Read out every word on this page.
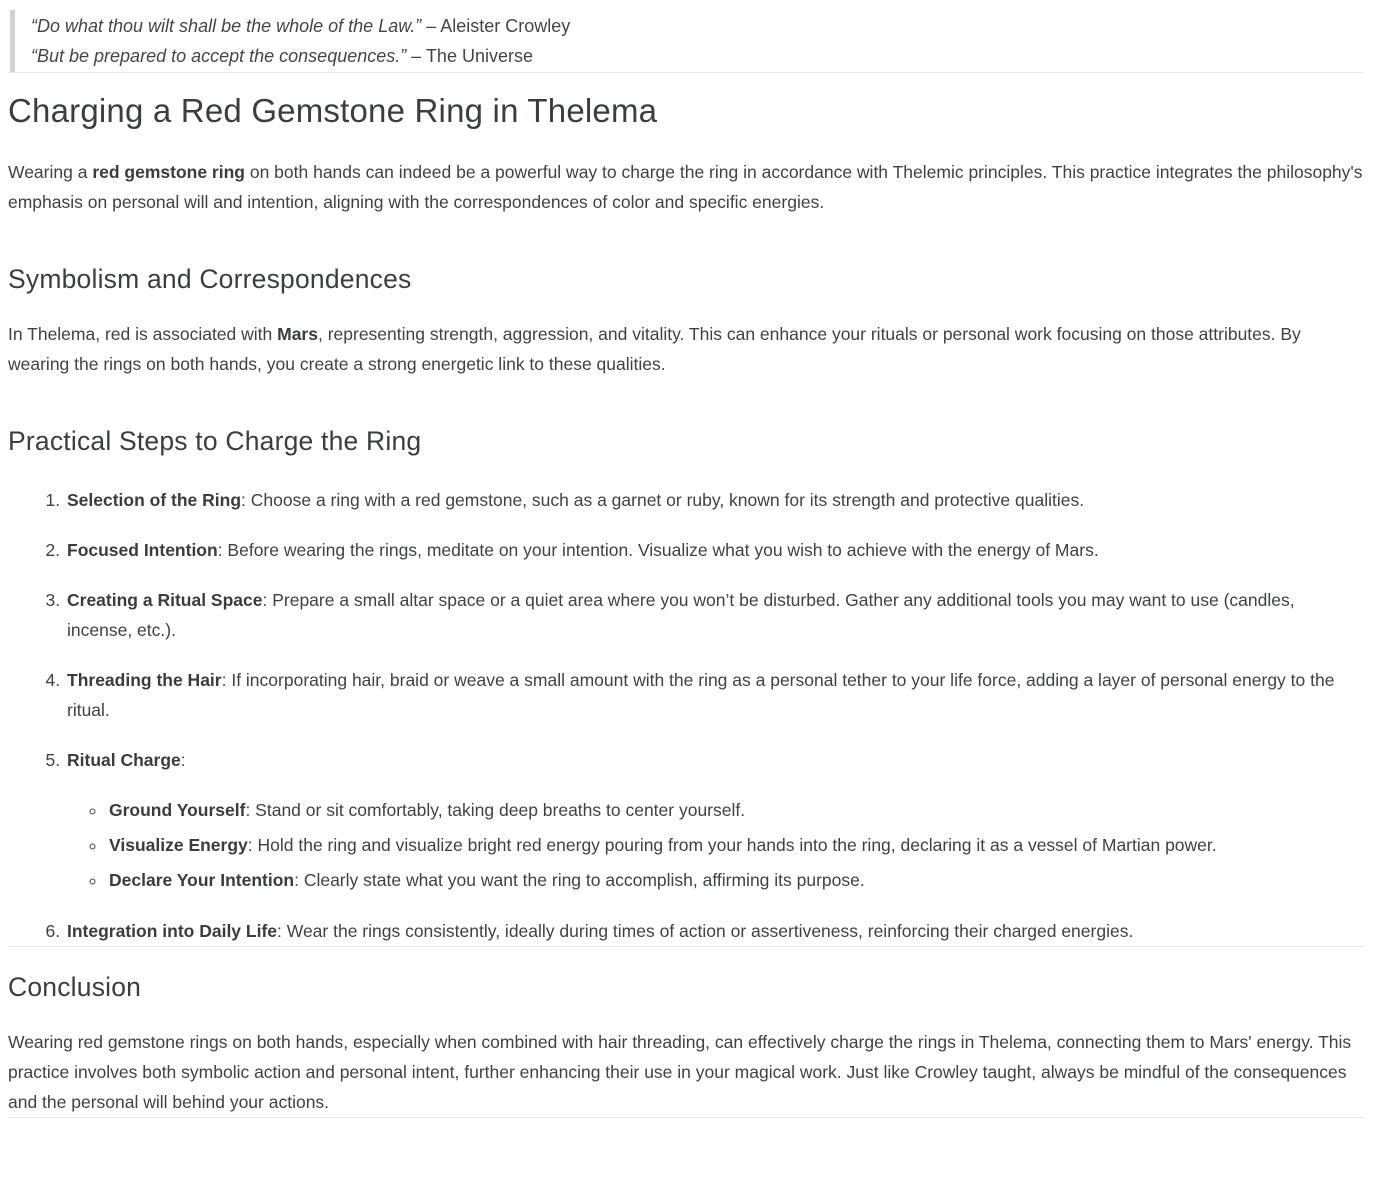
“Do what thou wilt shall be the whole of the Law.” – Aleister Crowley
“But be prepared to accept the consequences.” – The Universe
Charging a Red Gemstone Ring in Thelema

Wearing a red gemstone ring on both hands can indeed be a powerful way to charge the ring in accordance with Thelemic principles. This practice integrates the philosophy's emphasis on personal will and intention, aligning with the correspondences of color and specific energies.

Symbolism and Correspondences

In Thelema, red is associated with Mars, representing strength, aggression, and vitality. This can enhance your rituals or personal work focusing on those attributes. By wearing the rings on both hands, you create a strong energetic link to these qualities.

Practical Steps to Charge the Ring
1. Selection of the Ring: Choose a ring with a red gemstone, such as a garnet or ruby, known for its strength and protective qualities.
2. Focused Intention: Before wearing the rings, meditate on your intention. Visualize what you wish to achieve with the energy of Mars.
3. Creating a Ritual Space: Prepare a small altar space or a quiet area where you won’t be disturbed. Gather any additional tools you may want to use (candles, incense, etc.).
4. Threading the Hair: If incorporating hair, braid or weave a small amount with the ring as a personal tether to your life force, adding a layer of personal energy to the ritual.
5. Ritual Charge:
◦ Ground Yourself: Stand or sit comfortably, taking deep breaths to center yourself.
◦ Visualize Energy: Hold the ring and visualize bright red energy pouring from your hands into the ring, declaring it as a vessel of Martian power.
◦ Declare Your Intention: Clearly state what you want the ring to accomplish, affirming its purpose.
6. Integration into Daily Life: Wear the rings consistently, ideally during times of action or assertiveness, reinforcing their charged energies.
Conclusion

Wearing red gemstone rings on both hands, especially when combined with hair threading, can effectively charge the rings in Thelema, connecting them to Mars' energy. This practice involves both symbolic action and personal intent, further enhancing their use in your magical work. Just like Crowley taught, always be mindful of the consequences and the personal will behind your actions.
